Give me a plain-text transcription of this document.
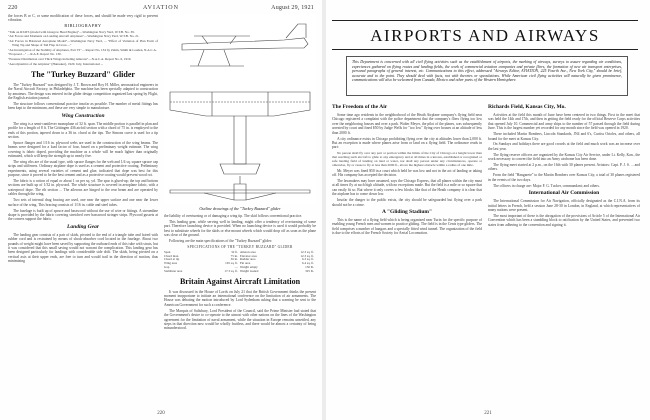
220	AVIATION	August 29, 1921

the forces B or C, or some modification of these forces, and should be made very rigid to prevent vibration.

BIBLIOGRAPHY
"Talk on R34TS (model with Glasgow Head Engine)"—Washington Navy Yard, W.T.B. No. 39.
"Air Forces and Moments on Landing Aircraft Airplanes"—Washington Navy Yard, W.T.B. No. 21.
"Air Forces in Balanced Aeroplane Model"—Washington Navy Yard, ... "Effect of Variation of Plan Form of Wing Tip and Shape of Tail Flap in Cross ..."
"An Investigation of the Stability of Airplanes, Part VI" ... Report No. 134 by Zahm, Smith & Louden, N.A.C.A.
"Proposed ..." ... R.A.E. Report No. 130.
"Pressure Distribution over Thick Wings including Ailerons"—N.A.C.A. Report No. 6, 1919.
"Aerodynamics of the Airplane" (Hunsaker), 1920. July, International ...
The "Turkey Buzzard" Glider

The "Turkey Buzzard" was designed by J. T. Brown and Roy H. Miller, aeronautical engineers in the Naval Aircraft Factory, in Philadelphia. The machine has been specially adapted to construction by amateurs. The design was entered in the glider design competition organized last spring by Flight, the English aviation journal.

The structure follows conventional practice insofar as possible. The number of metal fittings has been kept to the minimum, and these are very simple to manufacture.

Wing Construction

The wing is a semi-cantilever monoplane of 32 ft. span. The middle portion is parallel in plan and profile for a length of 8 ft. The Göttingen 436 airfoil section with a chord of 75 in. is employed to the ends of this portion, tapered down to a 36 in. chord at the tips. The Simons curve is used for a tip section.

Spruce flanges and 1/16 in. plywood webs are used in the construction of the wing beams. The beams were designed for a load factor of four, based on a preliminary weight estimate. The wing covering is fabric doped, providing the machine as a whole will be much lighter than originally estimated, which will keep the strength up to nearly five.

The wing ribs are of the usual type, with spruce flanges for the web and 1/4 sq. square spruce cap strips and stiffeners. Ordinary airplane dope is used as a cement and protective coating. Preliminary experiments, using several varieties of cement and glue, indicated that dope was best for this purpose, since it proved to be the best cement and as a protective coating would prevent wood rot.

The fabric is a cotton of equal or about 1 oz per sq. yd. The spar is glued-up; the top and bottom sections are built up of 1/32 in. plywood. The whole structure is covered in aeroplane fabric, with a waterproof dope. The rib section ... The ailerons are hinged to the rear beam and are operated by cables through the wing.

Two sets of internal drag bracing are used, one near the upper surface and one near the lower surface of the wing. This bracing consists of 1/16 in. cable and steel tubes.

The fuselage is built up of spruce and basswood without the use of wire or fittings. A streamline shape is provided by the fabric covering stretched over basswood stringer strips. Plywood gussets at the corners support the fabric.

Landing Gear

The landing gear consists of a pair of skids, pivoted to the end of a triangle tube and faired with rubber cord and is restrained by means of shock-absorber cord located in the fuselage. About two pounds of weight might have been saved by supporting the outboard ends of this tube with struts, but it was considered that this small saving would not warrant the complication. This landing gear has been designed particularly for landings with considerable side drift. The skids, being pivoted on a vertical axis at their upper ends, are free to turn and would trail in the direction of motion, thus minimizing

Outline drawings of the "Turkey Buzzard" glider

the liability of overturning or of damaging a wing tip. The skid follows conventional practice.

This landing gear, while serving well in landing, might offer a tendency of overturning of some part. Therefore launching device is provided. When no launching device is used it would probably be best to substitute wheels for the skids or else mount wheels which would drop off as soon as the plane was clear of the ground.

Following are the main specifications of the "Turkey Buzzard" glider:

SPECIFICATIONS OF THE "TURKEY BUZZARD" GLIDER
Span	32 ft.	Aileron area	12.3 sq. ft.
Chord max.	75 in.	Elevator area	12.3 sq. ft.
Chord at tip	36 in.	Rudder area	6.3 sq. ft.
Wing area	165 sq. ft.	Fin area	6.4 sq. ft.
Gap	—	Weight empty	150 lb.
Stabilizer area	17.3 sq. ft.	Weight loaded	325 lb.
Britain Against Aircraft Limitation

It was discussed in the House of Lords on July 21 that the British Government thinks the present moment inopportune to initiate an international conference on the limitation of air armaments. The House was debating the motion introduced by Lord Sydenham asking that a warning be sent to the American Government for such a conference.

The Marquis of Salisbury, Lord President of the Council, said the Prime Minister had stated that the Government's desire to co-operate to the utmost with other nations on the lines of the Washington agreement for the limitation of naval armament, while the situation in Europe remains unsettled, any steps in that direction now would be wholly fruitless, and there would be almost a certainty of being misunderstood.

220
AIRPORTS AND AIRWAYS
This Department is concerned with all civil flying activities such as the establishment of airports, the marking of airways, surveys to assure regarding air conditions, experiences gathered on flying routes and landing fields, the work of commercial aviation companies and private fliers, the formation of new air transport enterprises, personal paragraphs of general interest, etc. Communications to this effect, addressed "Airways Editor, AVIATION, 225 Fourth Ave., New York City," should be brief, accurate and to the point. They should deal with facts, not with theories or speculations. While American civil flying activities will naturally be given prominence, communications will also be welcomed from Canada, Mexico and other parts of the Western Hemisphere.
The Freedom of the Air

Some time ago residents in the neighborhood of the Heath Airplane company's flying field near Chicago registered a complaint with the police department that the company's fliers flying too low over the neighboring houses and over a park. Walter Meyer, the pilot of the planes, was subsequently arrested by court and fined $50 by Judge Wells for "too low" flying over houses at an altitude of less than 2000 ft.

A city ordinance exists in Chicago prohibiting flying over the city at altitudes lower than 2,000 ft. But an exception is made where planes arise from or land on a flying field. The ordinance reads in part:

No person shall fly over any part or portion within the limits of the City of Chicago at a height lower than that reaching such aircraft to glide to any emergency and at all times in a known, established or recognized or safe landing field of landing on land or water, nor shall any person under any circumstances, operate or otherwise, fly or cause to fly at less than 2000 ft., above the highest obstacle within a radius of one mile.

Mr. Meyer was fined $50 in a court which held he was low and not in the act of landing or taking off. His company has accepted the decision.

The lawmakers may have assumed, says the Chicago Express, that all planes within the city must at all times fly at such high altitude, with no exceptions made. But the field is a mile or so square that can easily fit so. But where it only covers a few blocks like that of the Heath company it is clear that the airplane has to come down low.

Insofar the danger to the public exists, the city should be safeguarded but flying over a park should not be a crime.

A "Gliding Stadium"

This is the name of a flying field which is being organized near Turin for the specific purpose of enabling young French men and women to practice gliding. The field is in the Cenis type gliders. The field comprises a number of hangars and a specially fitted wind tunnel. The organization of the field is due to the efforts of the French Society for Aerial Locomotion.

Richards Field, Kansas City, Mo.

Activities at the field this month of June have been centered in two things. First in the meet that was held the 14th and 17th, and then in getting the field ready for the official Reserve Corps activities that opened July 10. Commercial and army ships to the number of 57 passed through the field during June. This is the largest number yet recorded for any month since the field was opened in 1920.

These included Martin Bombers, Lincoln Standards, JN4 and 6's, Curtiss Orioles, and others, all bound for the meet at Kansas City.

On Sundays and holidays there are good crowds at the field and much work was an increase over the last year.

The flying reserve officers are organized by the Kansas City Air Service, under Lt. Kelly, Kan., the work necessary to convert the field into an Army airdrome has been done.

The flying meet started at 2 p.m., on the 16th with 30 planes present. Aviators: Capt. P. J. S. ... and others.

From the field "Hangarete" to the Martin Bombers over Kansas City, a total of 30 planes registered in the events of the two days.

The officers in charge are: Major F. G. Tucker, commandant; and others.

International Air Commission

The International Commission for Air Navigation, officially designated as the C.I.N.A. from its initial letters in French, held a session June 28-30 in London, in England, at which representatives of many nations were present.

The most important of these is the abrogation of the provisions of Article 5 of the International Air Convention which has been a stumbling block to ratification by the United States, and prevented two states from adhering to the convention and signing it.

221
